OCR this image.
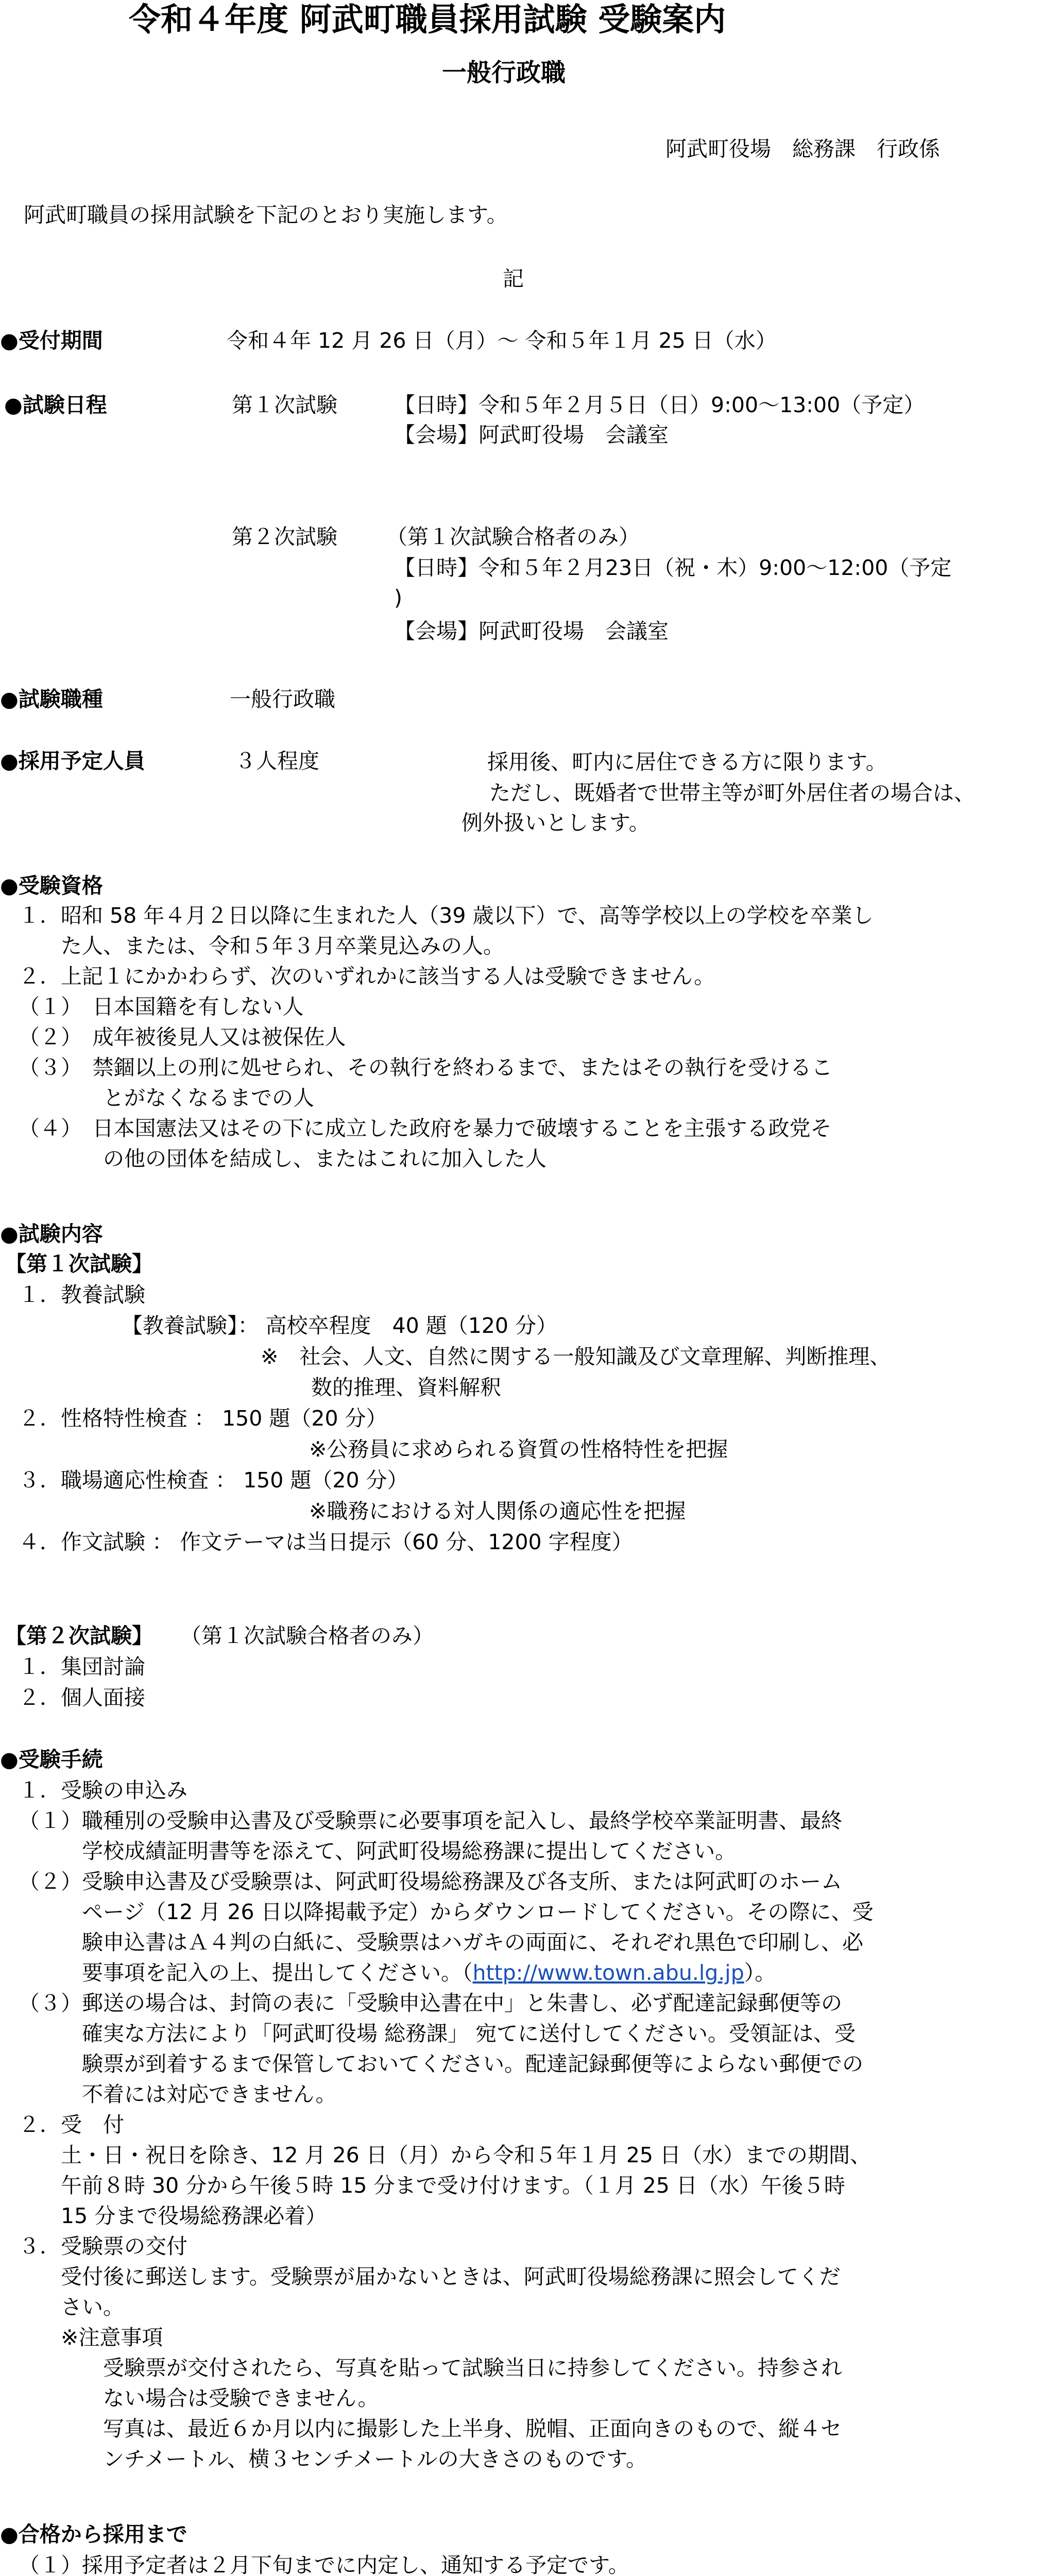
令和４年度 阿武町職員採用試験 受験案内
一般行政職
阿武町役場　総務課　行政係
阿武町職員の採用試験を下記のとおり実施します。
記
●受付期間	令和４年 12 月 26 日（月）～ 令和５年１月 25 日（水）
●試験日程	第１次試験	【日時】令和５年２月５日（日）9:00～13:00（予定）
【会場】阿武町役場　会議室
第２次試験 （第１次試験合格者のみ）
【日時】令和５年２月23日（祝・木）9:00～12:00（予定
)
【会場】阿武町役場　会議室
●試験職種	一般行政職
●採用予定人員	３人程度	採用後、町内に居住できる方に限ります。
ただし、既婚者で世帯主等が町外居住者の場合は、
例外扱いとします。
●受験資格
１．昭和 58 年４月２日以降に生まれた人（39 歳以下）で、高等学校以上の学校を卒業し
　　た人、または、令和５年３月卒業見込みの人。
２．上記１にかかわらず、次のいずれかに該当する人は受験できません。
（１）　日本国籍を有しない人
（２）　成年被後見人又は被保佐人
（３）　禁錮以上の刑に処せられ、その執行を終わるまで、またはその執行を受けるこ
　　　　とがなくなるまでの人
（４）　日本国憲法又はその下に成立した政府を暴力で破壊することを主張する政党そ
　　　　の他の団体を結成し、またはこれに加入した人
●試験内容
【第１次試験】
１．教養試験
【教養試験】： 高校卒程度　40 題（120 分）
※　社会、人文、自然に関する一般知識及び文章理解、判断推理、
数的推理、資料解釈
２．性格特性検査 ： 150 題（20 分）
※公務員に求められる資質の性格特性を把握
３．職場適応性検査 ： 150 題（20 分）
※職務における対人関係の適応性を把握
４．作文試験 ： 作文テーマは当日提示（60 分、1200 字程度）
【第２次試験】 （第１次試験合格者のみ）
１．集団討論
２．個人面接
●受験手続
１．受験の申込み
（１）職種別の受験申込書及び受験票に必要事項を記入し、最終学校卒業証明書、最終
　　　学校成績証明書等を添えて、阿武町役場総務課に提出してください。
（２）受験申込書及び受験票は、阿武町役場総務課及び各支所、または阿武町のホーム
　　　ページ（12 月 26 日以降掲載予定）からダウンロードしてください。その際に、受
　　　験申込書はＡ４判の白紙に、受験票はハガキの両面に、それぞれ黒色で印刷し、必
　　　要事項を記入の上、提出してください。（http://www.town.abu.lg.jp）。
（３）郵送の場合は、封筒の表に「受験申込書在中」と朱書し、必ず配達記録郵便等の
　　　確実な方法により「阿武町役場 総務課」 宛てに送付してください。受領証は、受
　　　験票が到着するまで保管しておいてください。配達記録郵便等によらない郵便での
　　　不着には対応できません。
２．受　付
　　土・日・祝日を除き、12 月 26 日（月）から令和５年１月 25 日（水）までの期間、
　　午前８時 30 分から午後５時 15 分まで受け付けます。（１月 25 日（水）午後５時
　　15 分まで役場総務課必着）
３．受験票の交付
　　受付後に郵送します。受験票が届かないときは、阿武町役場総務課に照会してくだ
　　さい。
　　※注意事項
　　　　受験票が交付されたら、写真を貼って試験当日に持参してください。持参され
　　　　ない場合は受験できません。
　　　　写真は、最近６か月以内に撮影した上半身、脱帽、正面向きのもので、縦４セ
　　　　ンチメートル、横３センチメートルの大きさのものです。
●合格から採用まで
（１）採用予定者は２月下旬までに内定し、通知する予定です。
